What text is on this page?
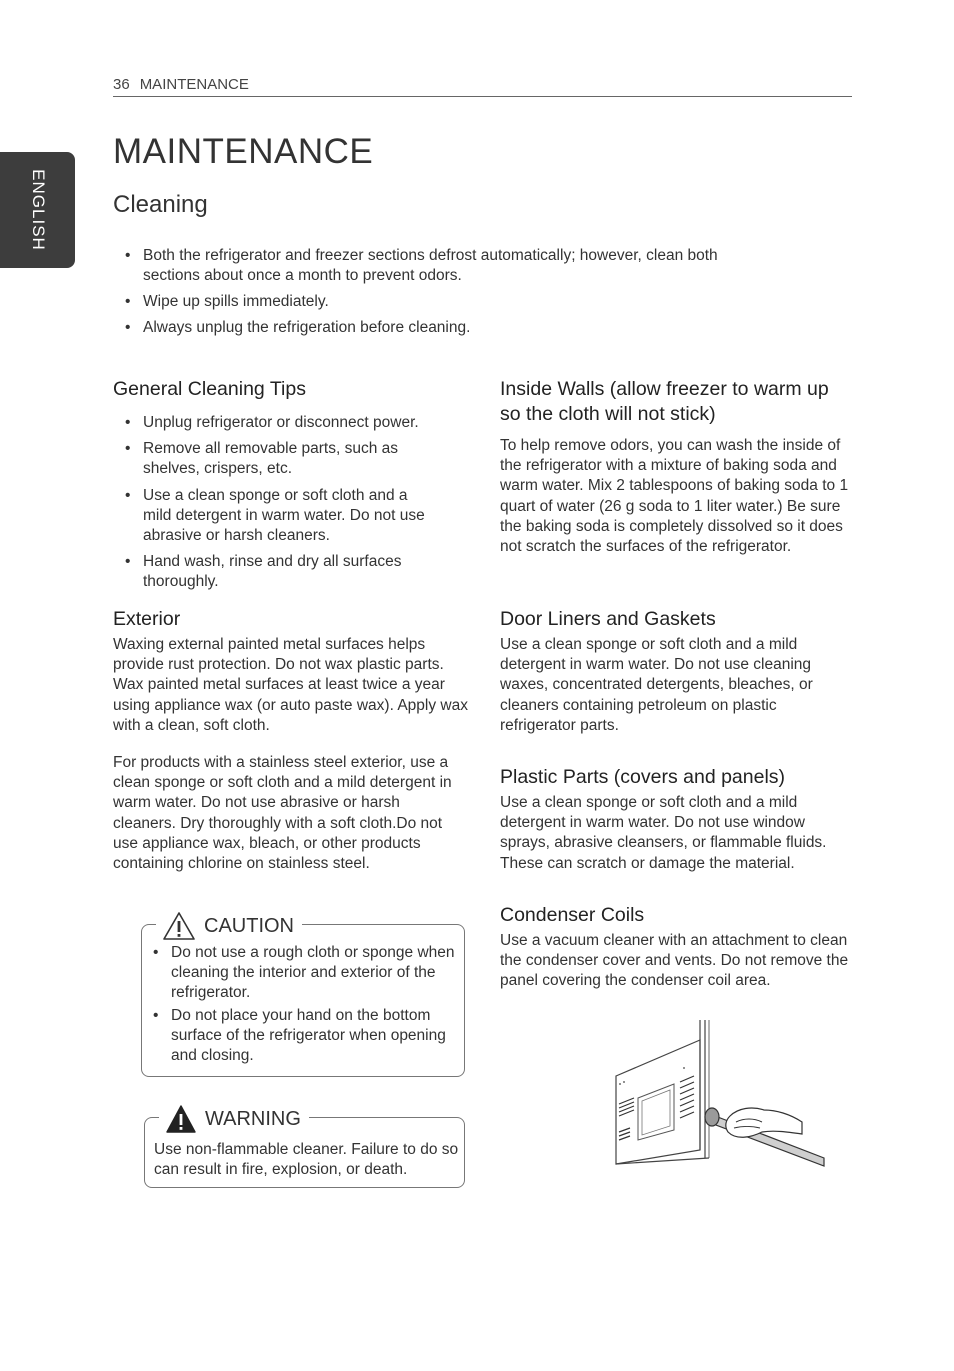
36 MAINTENANCE
ENGLISH
MAINTENANCE
Cleaning
• Both the refrigerator and freezer sections defrost automatically; however, clean both sections about once a month to prevent odors.
• Wipe up spills immediately.
• Always unplug the refrigeration before cleaning.
General Cleaning Tips
• Unplug refrigerator or disconnect power.
• Remove all removable parts, such as shelves, crispers, etc.
• Use a clean sponge or soft cloth and a mild detergent in warm water. Do not use abrasive or harsh cleaners.
• Hand wash, rinse and dry all surfaces thoroughly.
Exterior

Waxing external painted metal surfaces helps provide rust protection. Do not wax plastic parts. Wax painted metal surfaces at least twice a year using appliance wax (or auto paste wax). Apply wax with a clean, soft cloth.

For products with a stainless steel exterior, use a clean sponge or soft cloth and a mild detergent in warm water. Do not use abrasive or harsh cleaners. Dry thoroughly with a soft cloth.Do not use appliance wax, bleach, or other products containing chlorine on stainless steel.

CAUTION
• Do not use a rough cloth or sponge when cleaning the interior and exterior of the refrigerator.
• Do not place your hand on the bottom surface of the refrigerator when opening and closing.
WARNING

Use non-flammable cleaner. Failure to do so can result in fire, explosion, or death.

Inside Walls (allow freezer to warm up so the cloth will not stick)

To help remove odors, you can wash the inside of the refrigerator with a mixture of baking soda and warm water. Mix 2 tablespoons of baking soda to 1 quart of water (26 g soda to 1 liter water.) Be sure the baking soda is completely dissolved so it does not scratch the surfaces of the refrigerator.

Door Liners and Gaskets

Use a clean sponge or soft cloth and a mild detergent in warm water. Do not use cleaning waxes, concentrated detergents, bleaches, or cleaners containing petroleum on plastic refrigerator parts.

Plastic Parts (covers and panels)

Use a clean sponge or soft cloth and a mild detergent in warm water. Do not use window sprays, abrasive cleansers, or flammable fluids. These can scratch or damage the material.

Condenser Coils

Use a vacuum cleaner with an attachment to clean the condenser cover and vents. Do not remove the panel covering the condenser coil area.
